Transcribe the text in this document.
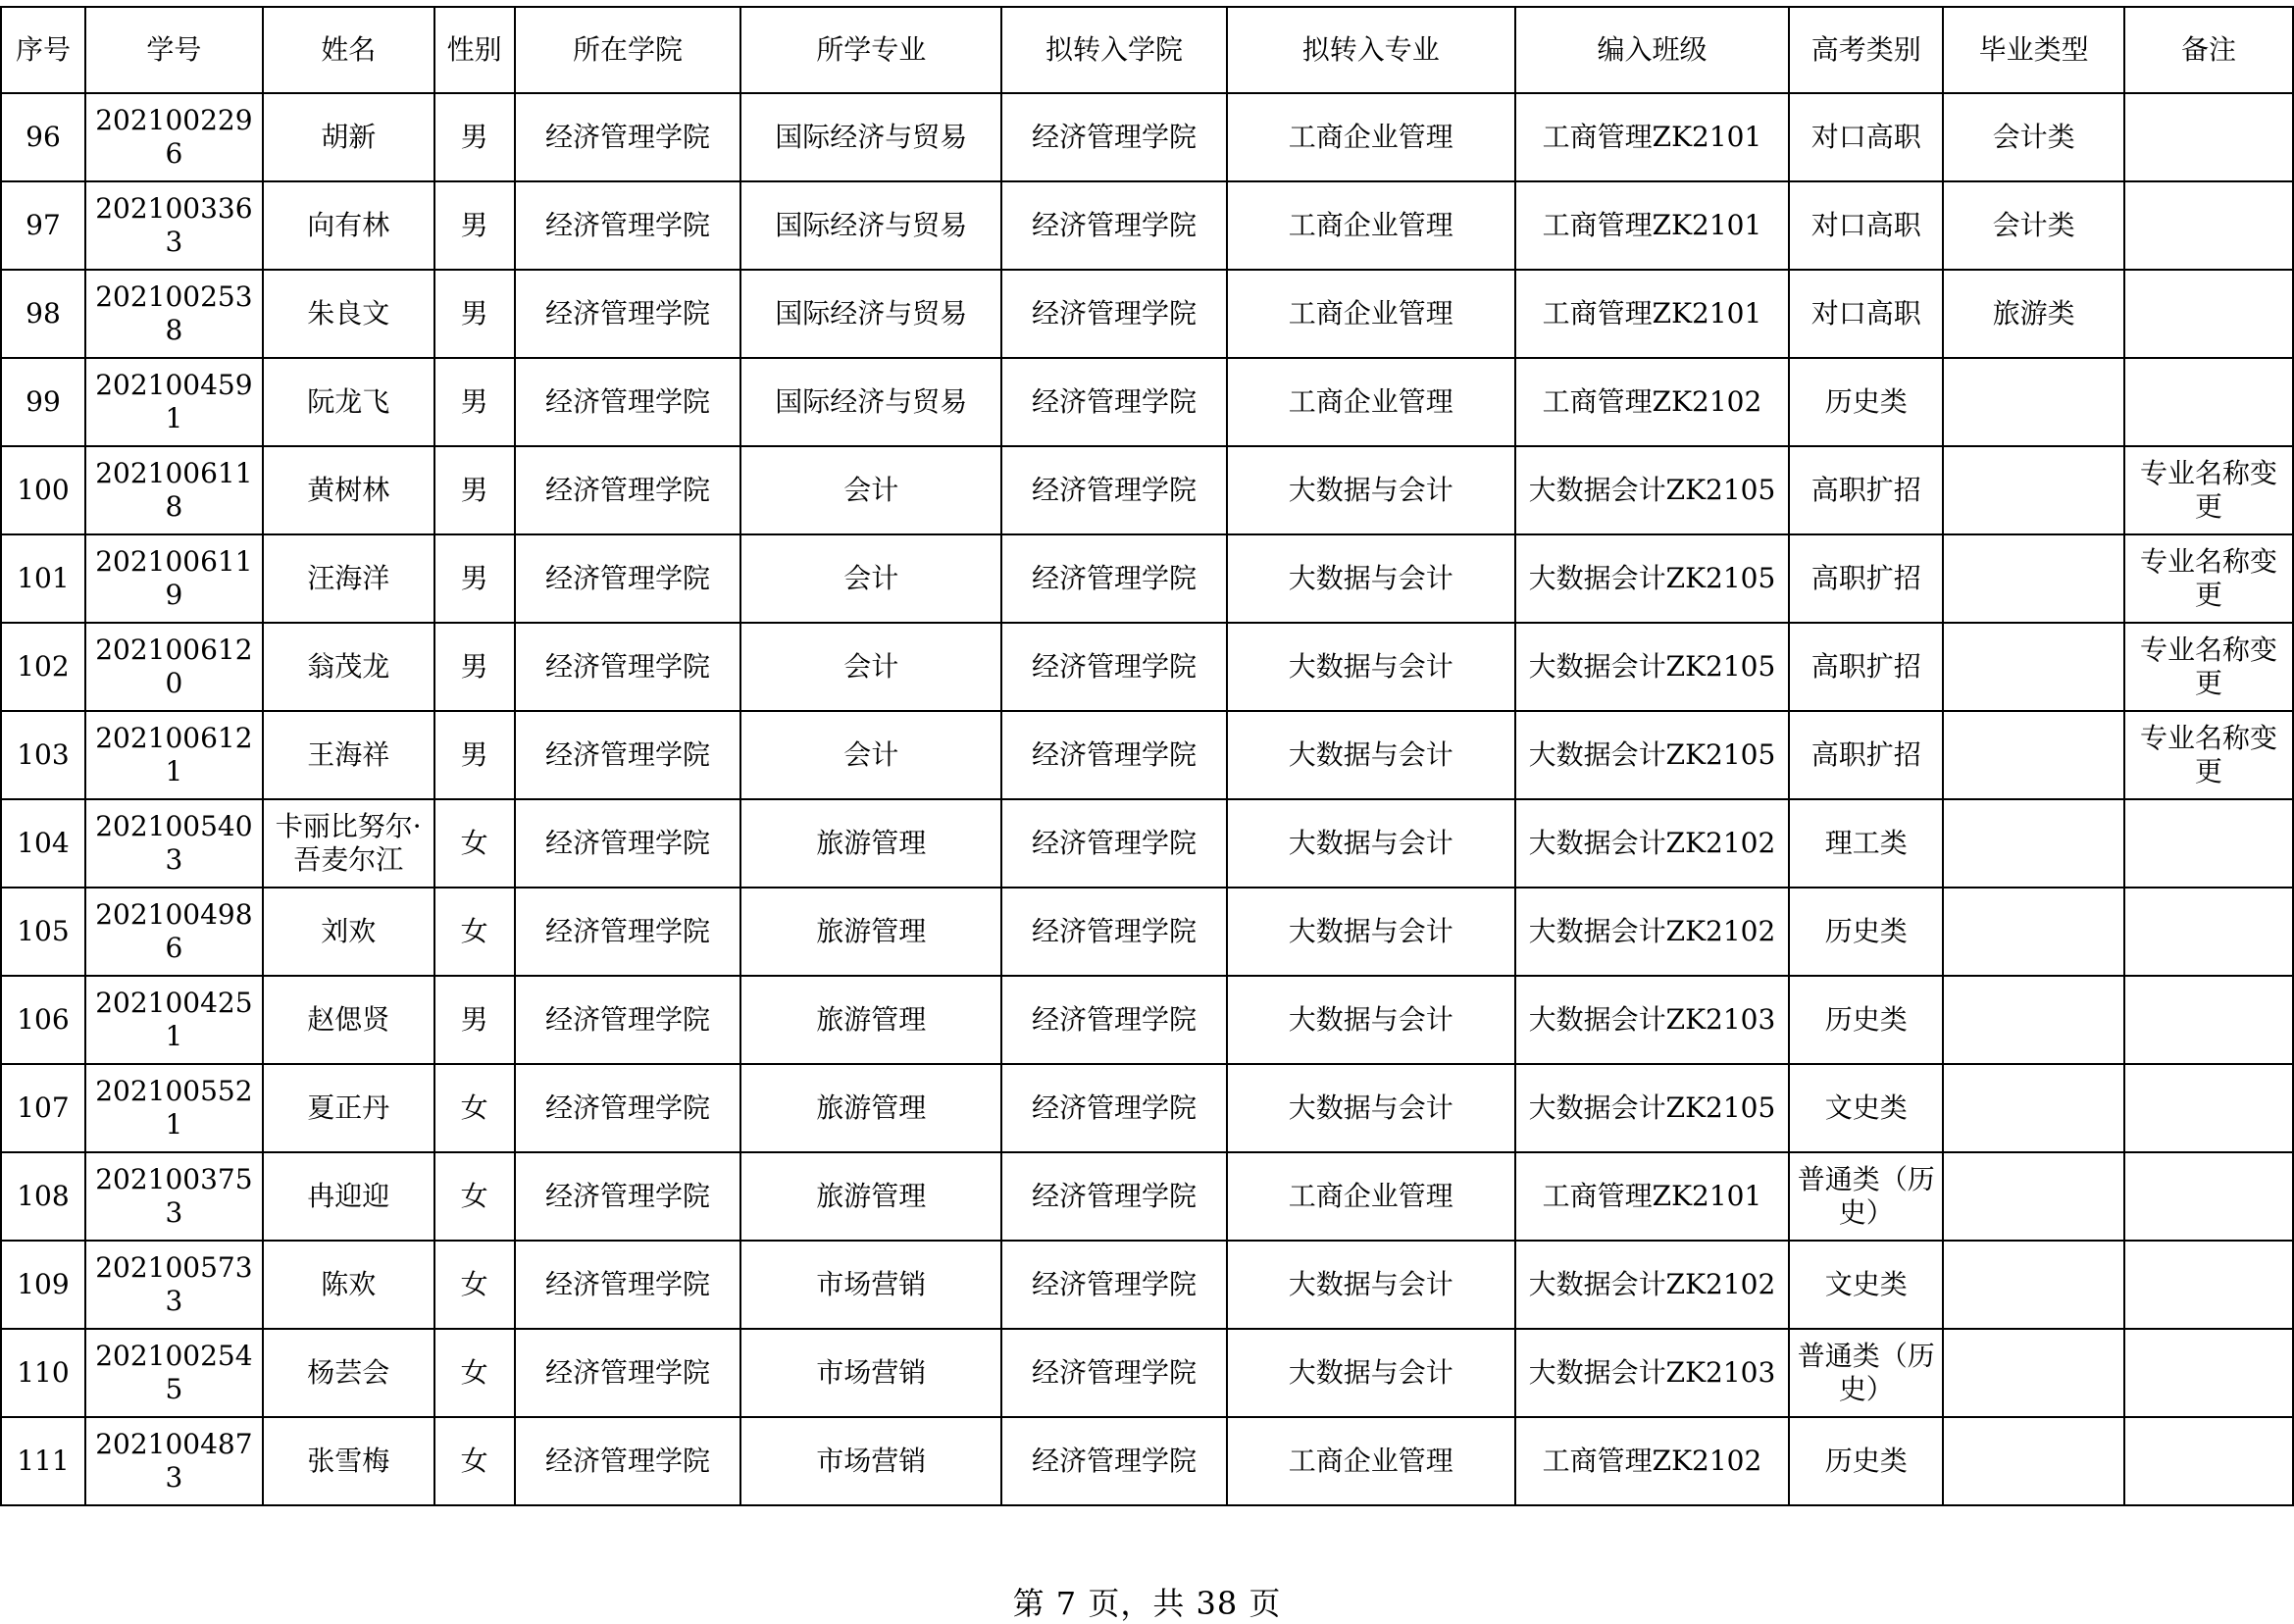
序号	学号	姓名	性别	所在学院	所学专业	拟转入学院	拟转入专业	编入班级	高考类别	毕业类型	备注
96	2021002296	胡新	男	经济管理学院	国际经济与贸易	经济管理学院	工商企业管理	工商管理ZK2101	对口高职	会计类	
97	2021003363	向有林	男	经济管理学院	国际经济与贸易	经济管理学院	工商企业管理	工商管理ZK2101	对口高职	会计类	
98	2021002538	朱良文	男	经济管理学院	国际经济与贸易	经济管理学院	工商企业管理	工商管理ZK2101	对口高职	旅游类	
99	2021004591	阮龙飞	男	经济管理学院	国际经济与贸易	经济管理学院	工商企业管理	工商管理ZK2102	历史类		
100	2021006118	黄树林	男	经济管理学院	会计	经济管理学院	大数据与会计	大数据会计ZK2105	高职扩招		专业名称变更
101	2021006119	汪海洋	男	经济管理学院	会计	经济管理学院	大数据与会计	大数据会计ZK2105	高职扩招		专业名称变更
102	2021006120	翁茂龙	男	经济管理学院	会计	经济管理学院	大数据与会计	大数据会计ZK2105	高职扩招		专业名称变更
103	2021006121	王海祥	男	经济管理学院	会计	经济管理学院	大数据与会计	大数据会计ZK2105	高职扩招		专业名称变更
104	2021005403	卡丽比努尔·吾麦尔江	女	经济管理学院	旅游管理	经济管理学院	大数据与会计	大数据会计ZK2102	理工类		
105	2021004986	刘欢	女	经济管理学院	旅游管理	经济管理学院	大数据与会计	大数据会计ZK2102	历史类		
106	2021004251	赵偲贤	男	经济管理学院	旅游管理	经济管理学院	大数据与会计	大数据会计ZK2103	历史类		
107	2021005521	夏正丹	女	经济管理学院	旅游管理	经济管理学院	大数据与会计	大数据会计ZK2105	文史类		
108	2021003753	冉迎迎	女	经济管理学院	旅游管理	经济管理学院	工商企业管理	工商管理ZK2101	普通类（历史）		
109	2021005733	陈欢	女	经济管理学院	市场营销	经济管理学院	大数据与会计	大数据会计ZK2102	文史类		
110	2021002545	杨芸会	女	经济管理学院	市场营销	经济管理学院	大数据与会计	大数据会计ZK2103	普通类（历史）		
111	2021004873	张雪梅	女	经济管理学院	市场营销	经济管理学院	工商企业管理	工商管理ZK2102	历史类		
第 7 页，共 38 页
